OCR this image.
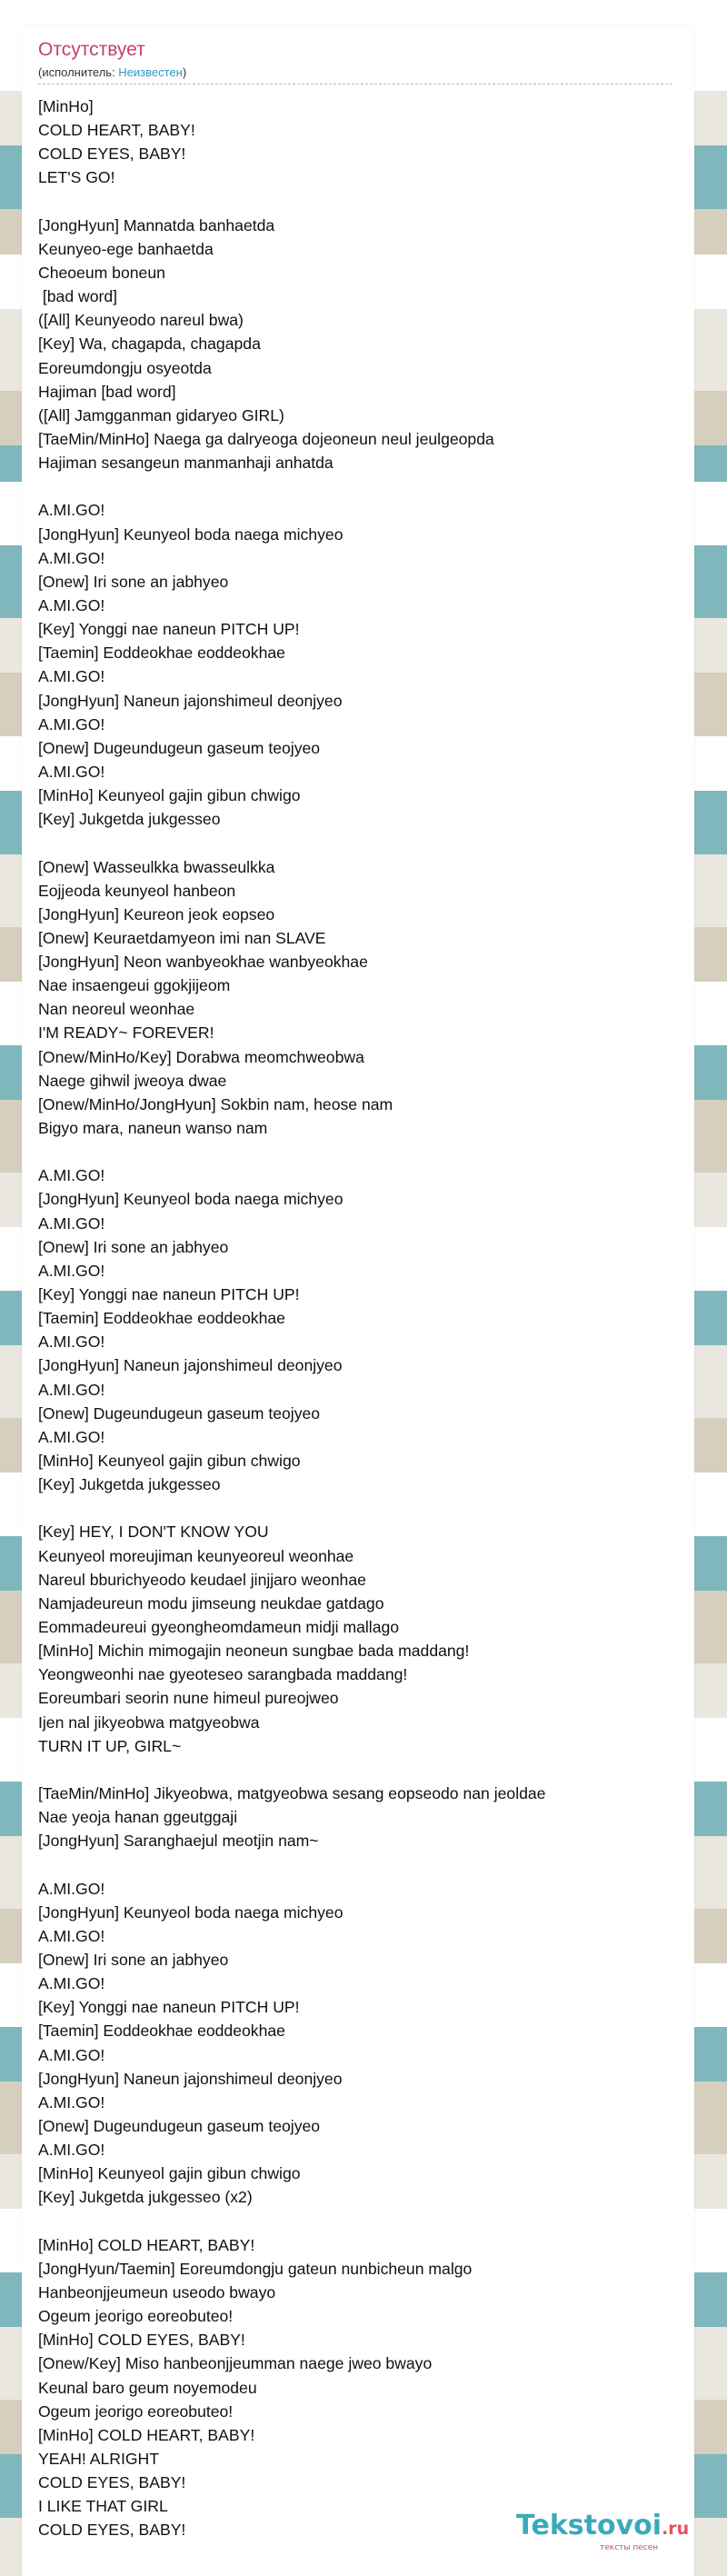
Отсутствует
(исполнитель: Неизвестен)
[MinHo]
COLD HEART, BABY!
COLD EYES, BABY!
LET'S GO!
[JongHyun] Mannatda banhaetda
Keunyeo-ege banhaetda
Cheoeum boneun
[bad word]
([All] Keunyeodo nareul bwa)
[Key] Wa, chagapda, chagapda
Eoreumdongju osyeotda
Hajiman [bad word]
([All] Jamgganman gidaryeo GIRL)
[TaeMin/MinHo] Naega ga dalryeoga dojeoneun neul jeulgeopda
Hajiman sesangeun manmanhaji anhatda
A.MI.GO!
[JongHyun] Keunyeol boda naega michyeo
A.MI.GO!
[Onew] Iri sone an jabhyeo
A.MI.GO!
[Key] Yonggi nae naneun PITCH UP!
[Taemin] Eoddeokhae eoddeokhae
A.MI.GO!
[JongHyun] Naneun jajonshimeul deonjyeo
A.MI.GO!
[Onew] Dugeundugeun gaseum teojyeo
A.MI.GO!
[MinHo] Keunyeol gajin gibun chwigo
[Key] Jukgetda jukgesseo
[Onew] Wasseulkka bwasseulkka
Eojjeoda keunyeol hanbeon
[JongHyun] Keureon jeok eopseo
[Onew] Keuraetdamyeon imi nan SLAVE
[JongHyun] Neon wanbyeokhae wanbyeokhae
Nae insaengeui ggokjijeom
Nan neoreul weonhae
I'M READY~ FOREVER!
[Onew/MinHo/Key] Dorabwa meomchweobwa
Naege gihwil jweoya dwae
[Onew/MinHo/JongHyun] Sokbin nam, heose nam
Bigyo mara, naneun wanso nam
A.MI.GO!
[JongHyun] Keunyeol boda naega michyeo
A.MI.GO!
[Onew] Iri sone an jabhyeo
A.MI.GO!
[Key] Yonggi nae naneun PITCH UP!
[Taemin] Eoddeokhae eoddeokhae
A.MI.GO!
[JongHyun] Naneun jajonshimeul deonjyeo
A.MI.GO!
[Onew] Dugeundugeun gaseum teojyeo
A.MI.GO!
[MinHo] Keunyeol gajin gibun chwigo
[Key] Jukgetda jukgesseo
[Key] HEY, I DON'T KNOW YOU
Keunyeol moreujiman keunyeoreul weonhae
Nareul bburichyeodo keudael jinjjaro weonhae
Namjadeureun modu jimseung neukdae gatdago
Eommadeureui gyeongheomdameun midji mallago
[MinHo] Michin mimogajin neoneun sungbae bada maddang!
Yeongweonhi nae gyeoteseo sarangbada maddang!
Eoreumbari seorin nune himeul pureojweo
Ijen nal jikyeobwa matgyeobwa
TURN IT UP, GIRL~
[TaeMin/MinHo] Jikyeobwa, matgyeobwa sesang eopseodo nan jeoldae
Nae yeoja hanan ggeutggaji
[JongHyun] Saranghaejul meotjin nam~
A.MI.GO!
[JongHyun] Keunyeol boda naega michyeo
A.MI.GO!
[Onew] Iri sone an jabhyeo
A.MI.GO!
[Key] Yonggi nae naneun PITCH UP!
[Taemin] Eoddeokhae eoddeokhae
A.MI.GO!
[JongHyun] Naneun jajonshimeul deonjyeo
A.MI.GO!
[Onew] Dugeundugeun gaseum teojyeo
A.MI.GO!
[MinHo] Keunyeol gajin gibun chwigo
[Key] Jukgetda jukgesseo (x2)
[MinHo] COLD HEART, BABY!
[JongHyun/Taemin] Eoreumdongju gateun nunbicheun malgo
Hanbeonjjeumeun useodo bwayo
Ogeum jeorigo eoreobuteo!
[MinHo] COLD EYES, BABY!
[Onew/Key] Miso hanbeonjjeumman naege jweo bwayo
Keunal baro geum noyemodeu
Ogeum jeorigo eoreobuteo!
[MinHo] COLD HEART, BABY!
YEAH! ALRIGHT
COLD EYES, BABY!
I LIKE THAT GIRL
COLD EYES, BABY!	Tekstovoi.ru
тексты песен
